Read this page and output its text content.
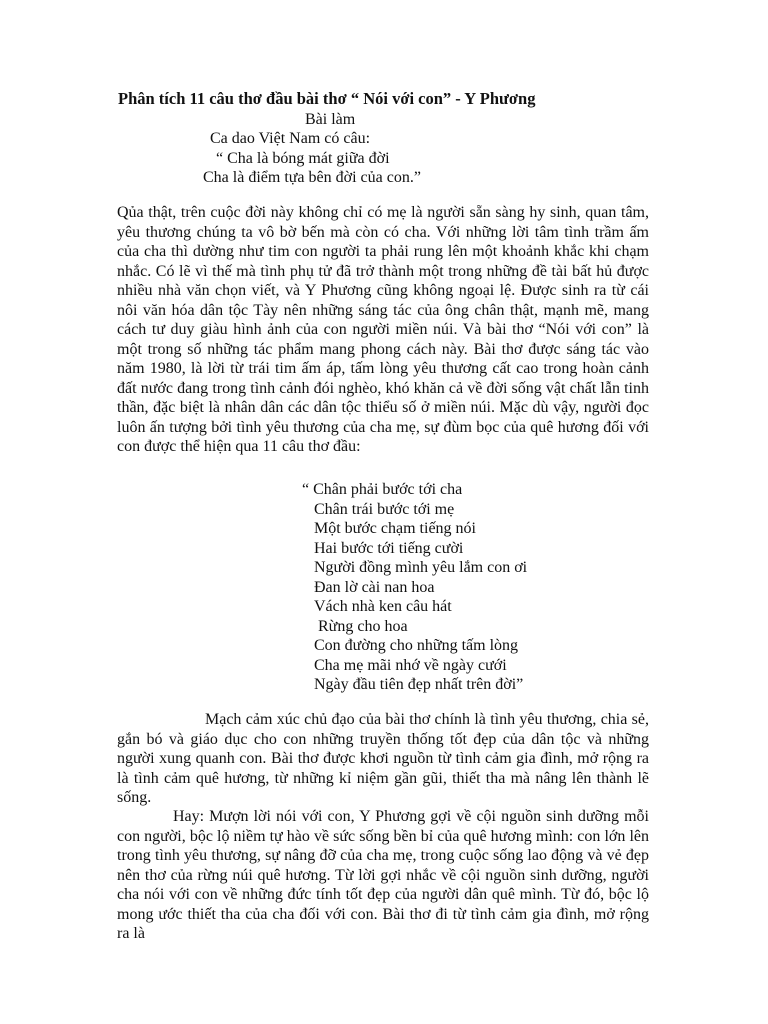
Phân tích 11 câu thơ đầu bài thơ “ Nói với con” - Y Phương
Bài làm
Ca dao Việt Nam có câu:
“ Cha là bóng mát giữa đời
Cha là điểm tựa bên đời của con.”

Qủa thật, trên cuộc đời này không chỉ có mẹ là người sẵn sàng hy sinh, quan tâm, yêu thương chúng ta vô bờ bến mà còn có cha. Với những lời tâm tình trầm ấm của cha thì dường như tim con người ta phải rung lên một khoảnh khắc khi chạm nhắc. Có lẽ vì thế mà tình phụ tử đã trở thành một trong những đề tài bất hủ được nhiều nhà văn chọn viết, và Y Phương cũng không ngoại lệ. Được sinh ra từ cái nôi văn hóa dân tộc Tày nên những sáng tác của ông chân thật, mạnh mẽ, mang cách tư duy giàu hình ảnh của con người miền núi. Và bài thơ “Nói với con” là một trong số những tác phẩm mang phong cách này. Bài thơ được sáng tác vào năm 1980, là lời từ trái tim ấm áp, tấm lòng yêu thương cất cao trong hoàn cảnh đất nước đang trong tình cảnh đói nghèo, khó khăn cả về đời sống vật chất lẫn tinh thần, đặc biệt là nhân dân các dân tộc thiểu số ở miền núi. Mặc dù vậy, người đọc luôn ấn tượng bởi tình yêu thương của cha mẹ, sự đùm bọc của quê hương đối với con được thể hiện qua 11 câu thơ đầu:

“ Chân phải bước tới cha
Chân trái bước tới mẹ
Một bước chạm tiếng nói
Hai bước tới tiếng cười
Người đồng mình yêu lắm con ơi
Đan lờ cài nan hoa
Vách nhà ken câu hát
Rừng cho hoa
Con đường cho những tấm lòng
Cha mẹ mãi nhớ về ngày cưới
Ngày đầu tiên đẹp nhất trên đời”

Mạch cảm xúc chủ đạo của bài thơ chính là tình yêu thương, chia sẻ, gắn bó và giáo dục cho con những truyền thống tốt đẹp của dân tộc và những người xung quanh con. Bài thơ được khơi nguồn từ tình cảm gia đình, mở rộng ra là tình cảm quê hương, từ những kỉ niệm gần gũi, thiết tha mà nâng lên thành lẽ sống.

Hay: Mượn lời nói với con, Y Phương gợi về cội nguồn sinh dưỡng mỗi con người, bộc lộ niềm tự hào về sức sống bền bỉ của quê hương mình: con lớn lên trong tình yêu thương, sự nâng đỡ của cha mẹ, trong cuộc sống lao động và vẻ đẹp nên thơ của rừng núi quê hương. Từ lời gợi nhắc về cội nguồn sinh dưỡng, người cha nói với con về những đức tính tốt đẹp của người dân quê mình. Từ đó, bộc lộ mong ước thiết tha của cha đối với con. Bài thơ đi từ tình cảm gia đình, mở rộng ra là
